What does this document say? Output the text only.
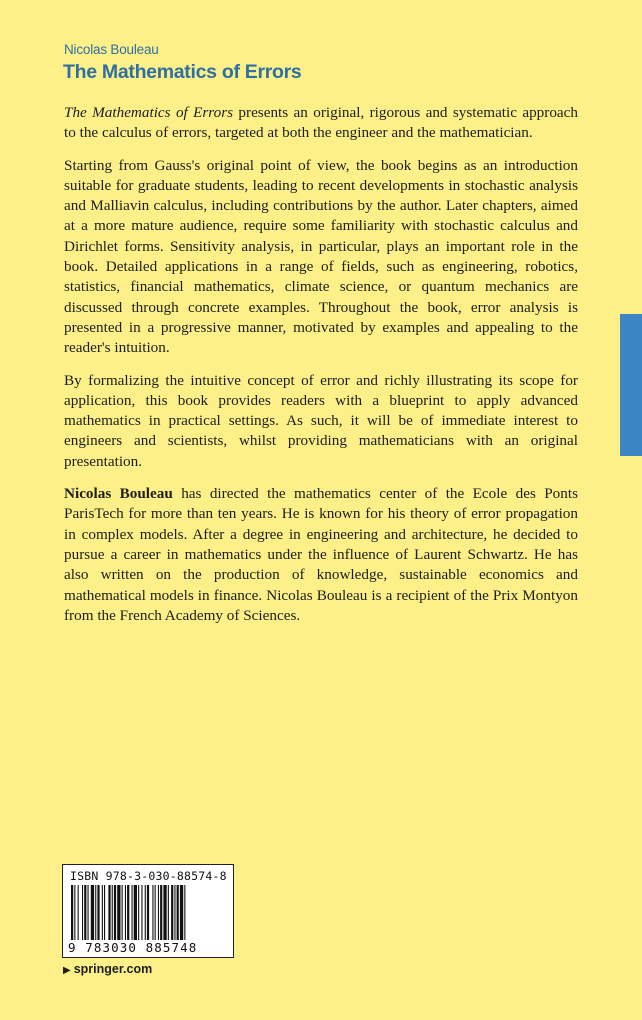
Nicolas Bouleau
The Mathematics of Errors

The Mathematics of Errors presents an original, rigorous and systematic approach to the calculus of errors, targeted at both the engineer and the mathematician.

Starting from Gauss's original point of view, the book begins as an introduction suitable for graduate students, leading to recent developments in stochastic analysis and Malliavin calculus, including contributions by the author. Later chapters, aimed at a more mature audience, require some familiarity with stochastic calculus and Dirichlet forms. Sensitivity analysis, in particular, plays an important role in the book. Detailed applications in a range of fields, such as engineering, robotics, statistics, financial mathematics, climate science, or quantum mechanics are discussed through concrete examples. Throughout the book, error analysis is presented in a progressive manner, motivated by examples and appealing to the reader's intuition.

By formalizing the intuitive concept of error and richly illustrating its scope for application, this book provides readers with a blueprint to apply advanced mathematics in practical settings. As such, it will be of immediate interest to engineers and scientists, whilst providing mathematicians with an original presentation.

Nicolas Bouleau has directed the mathematics center of the Ecole des Ponts ParisTech for more than ten years. He is known for his theory of error propagation in complex models. After a degree in engineering and architecture, he decided to pursue a career in mathematics under the influence of Laurent Schwartz. He has also written on the production of knowledge, sustainable economics and mathematical models in finance. Nicolas Bouleau is a recipient of the Prix Montyon from the French Academy of Sciences.

ISBN 978-3-030-88574-8
9 783030 885748
▶ springer.com
